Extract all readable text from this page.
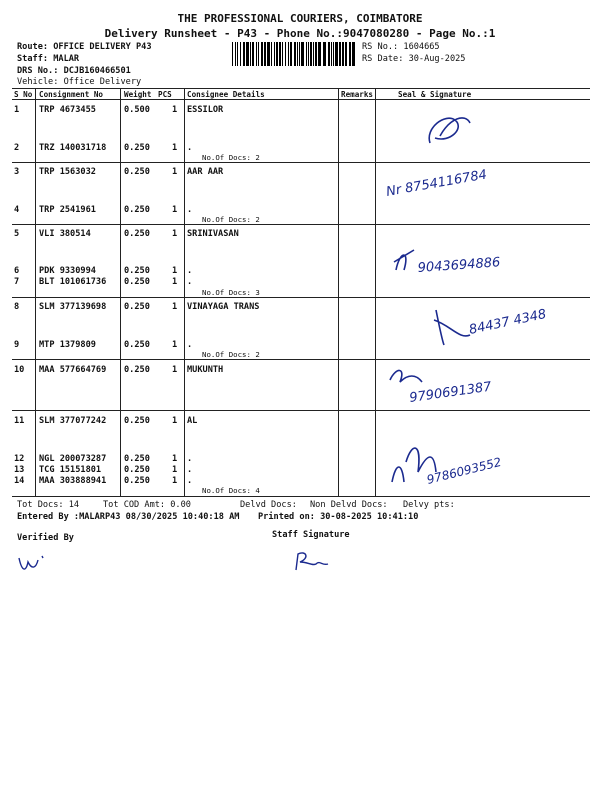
THE PROFESSIONAL COURIERS, COIMBATORE
Delivery Runsheet - P43 - Phone No.:9047080280 - Page No.:1
Route: OFFICE DELIVERY P43
Staff: MALAR
DRS No.: DCJB160466501
Vehicle: Office Delivery
RS No.: 1604665
RS Date: 30-Aug-2025
S No Consignment No	Weight PCS Consignee Details	Remarks	Seal & Signature
1 TRP 4673455	0.500	1 ESSILOR
2 TRZ 140031718 0.250	1 .
No.Of Docs: 2
3 TRP 1563032	0.250	1 AAR AAR
4 TRP 2541961	0.250	1 .
No.Of Docs: 2
5 VLI 380514	0.250	1 SRINIVASAN
6 PDK 9330994	0.250	1 .
7 BLT 101061736 0.250	1 .
No.Of Docs: 3
8 SLM 377139698 0.250	1 VINAYAGA TRANS
9 MTP 1379809	0.250	1 .
No.Of Docs: 2
10 MAA 577664769 0.250	1 MUKUNTH
11 SLM 377077242 0.250	1 AL
12 NGL 200073287 0.250	1 .
13 TCG 15151801	0.250	1 .
14 MAA 303888941 0.250	1 .
No.Of Docs: 4
Nr 8754116784
9043694886
84437 4348
9790691387
9786093552
Tot Docs: 14	Tot COD Amt: 0.00	Delvd Docs: Non Delvd Docs: Delvy pts:
Entered By :MALARP43 08/30/2025 10:40:18 AM Printed on: 30-08-2025 10:41:10
Verified By	Staff Signature
